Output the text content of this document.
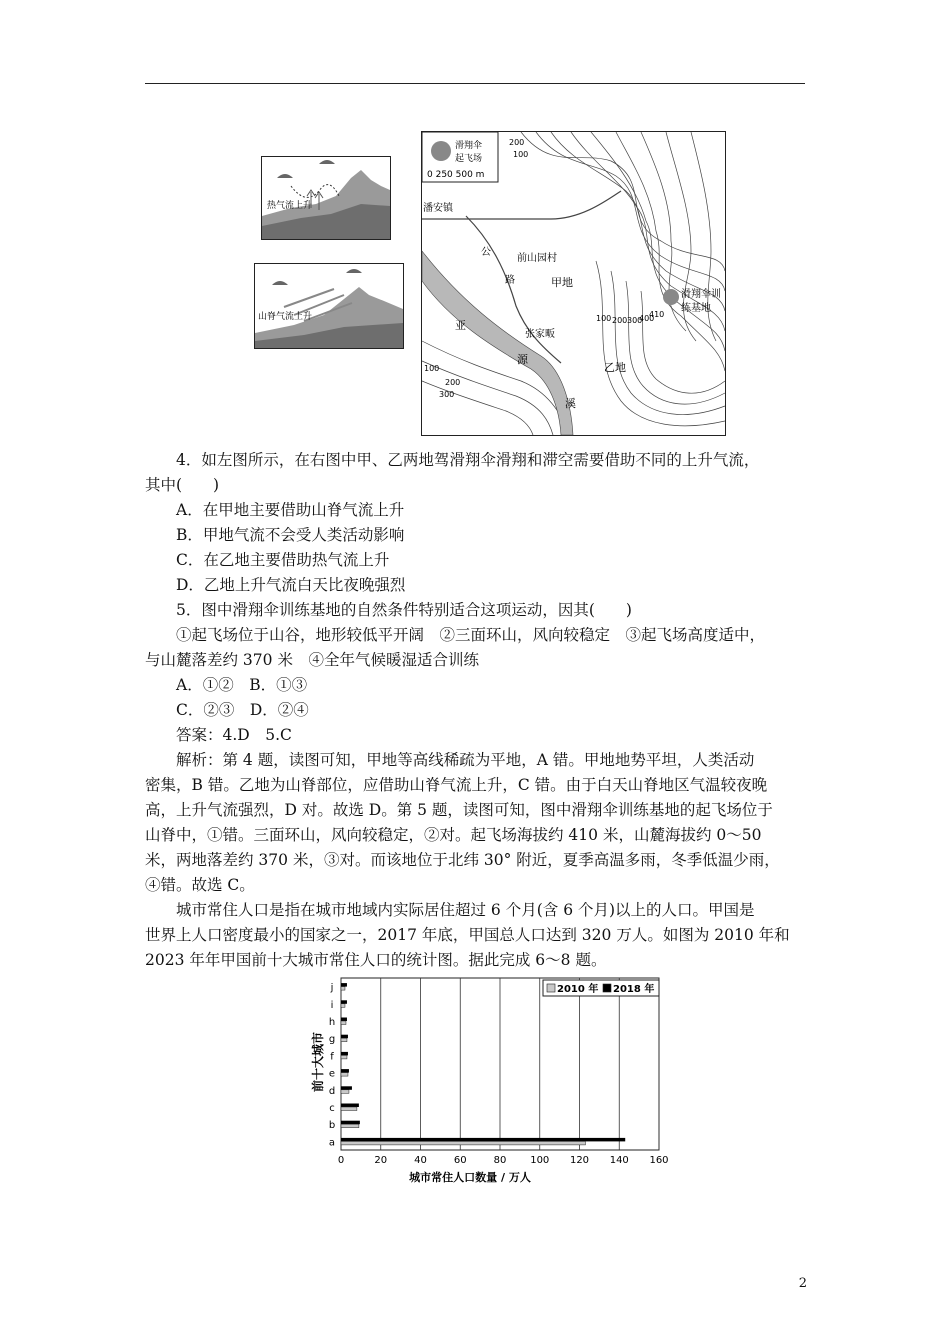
热气流上升
山脊气流上升
滑翔伞
起飞场
0 250 500 m
潘安镇
前山园村
甲地
乙地
张家畈
公
路
亚
源
溪
滑翔伞训
练基地
200
100
410
100 200 300
400
100
200
300
4．如左图所示，在右图中甲、乙两地驾滑翔伞滑翔和滞空需要借助不同的上升气流，
其中(　　)
A．在甲地主要借助山脊气流上升
B．甲地气流不会受人类活动影响
C．在乙地主要借助热气流上升
D．乙地上升气流白天比夜晚强烈
5．图中滑翔伞训练基地的自然条件特别适合这项运动，因其(　　)
①起飞场位于山谷，地形较低平开阔　②三面环山，风向较稳定　③起飞场高度适中，
与山麓落差约 370 米　④全年气候暖湿适合训练
A．①②　B．①③
C．②③　D．②④
答案：4.D　5.C
解析：第 4 题，读图可知，甲地等高线稀疏为平地，A 错。甲地地势平坦，人类活动
密集，B 错。乙地为山脊部位，应借助山脊气流上升，C 错。由于白天山脊地区气温较夜晚
高，上升气流强烈，D 对。故选 D。第 5 题，读图可知，图中滑翔伞训练基地的起飞场位于
山脊中，①错。三面环山，风向较稳定，②对。起飞场海拔约 410 米，山麓海拔约 0～50
米，两地落差约 370 米，③对。而该地位于北纬 30° 附近，夏季高温多雨，冬季低温少雨，
④错。故选 C。
城市常住人口是指在城市地域内实际居住超过 6 个月(含 6 个月)以上的人口。甲国是
世界上人口密度最小的国家之一，2017 年底，甲国总人口达到 320 万人。如图为 2010 年和
2023 年年甲国前十大城市常住人口的统计图。据此完成 6～8 题。
0	20	40	60	80 100 120 140 160
2010 年 2018 年
a
b
c
d
e
f
g
h
i
j
城市常住人口数量 / 万人
前十大城市
2
